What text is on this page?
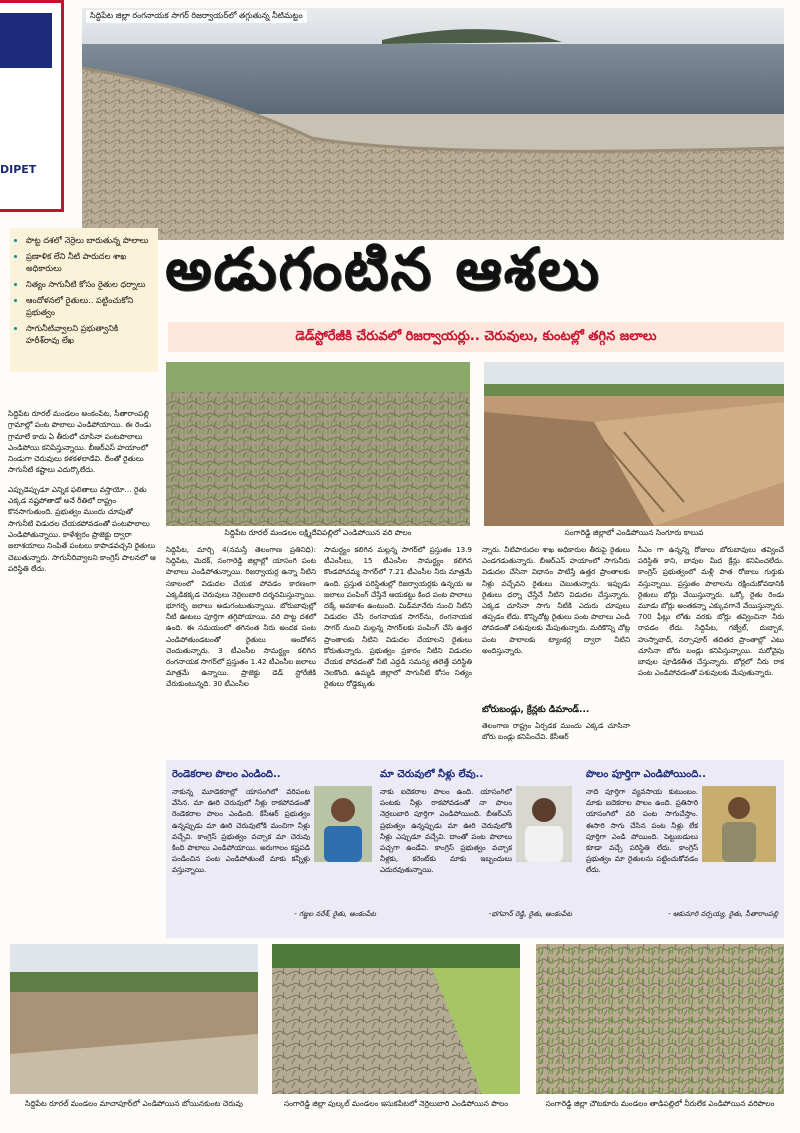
DIPET
సిద్దిపేట జిల్లా రంగనాయక సాగర్ రిజర్వాయర్‌లో తగ్గుతున్న నీటిమట్టం
• పొట్ట దశలో నెర్రెలు బారుతున్న పొలాలు
• ప్రణాళిక లేని నీటి పారుదల శాఖ అధికారులు
• నిత్యం సాగునీటి కోసం రైతుల ధర్నాలు
• ఆందోళనలో రైతులు.. పట్టించుకోని ప్రభుత్వం
• సాగునీటివ్వాలని ప్రభుత్వానికి హరీశ్‌రావు లేఖ
అడుగంటిన ఆశలు
డెడ్‌స్టోరేజీకి చేరువలో రిజర్వాయర్లు.. చెరువులు, కుంటల్లో తగ్గిన జలాలు

సిద్దిపేట రూరల్ మండలం అంకంపేట, సీతారాంపల్లి గ్రామాల్లో పంట పొలాలు ఎండిపోయాయి. ఈ రెండు గ్రామాలే కాదు ఏ తీరులో చూసినా పంటపొలాలు ఎండిపోయి కనిపిస్తున్నాయి. బీఆర్‌ఎస్ హయాంలో నిండుగా చెరువులు కళకళలాడేవి. దీంతో రైతులు సాగునీటి కష్టాలు ఎదుర్కొలేదు.

ఎప్పుడెప్పుడూ ఎన్నిక ఫలితాలు వస్తాయో... రైతు ఎక్కడ నష్టపోతాడో అనే రీతిలో రాష్ట్రం కొనసాగుతుంది. ప్రభుత్వం ముందు చూపుతో సాగునీటి విడుదల చేయకపోవడంతో పంటపొలాలు ఎండిపోతున్నాయి. కాళేశ్వరం ప్రాజెక్టు ద్వారా జలాశయాలు నింపితే పంటలు కాపాడవచ్చని రైతులు చెబుతున్నారు. సాగునీరివ్వాలని కాంగ్రెస్ పాలనలో ఆ పరిస్థితి లేదు.

సిద్దిపేట రూరల్ మండలం లక్ష్మిదేవిపల్లిలో ఎండిపోయిన వరి పొలం	సంగారెడ్డి జిల్లాలో ఎండిపోయిన సింగూరు కాలువ
సిద్దిపేట, మార్చి 4(నమస్తే తెలంగాణ ప్రతినిధి): సిద్దిపేట, మెదక్, సంగారెడ్డి జిల్లాల్లో యాసంగి పంట పొలాలు ఎండిపోతున్నాయి. రిజర్వాయర్ల ఉన్నా నీటిని సకాలంలో విడుదల చేయక పోవడం కారణంగా ఎక్కడికక్కడ చెరువులు నెర్రెలుబారి దర్శనమిస్తున్నాయి. భూగర్భ జలాలు అడుగంటుతున్నాయి. బోరుబావుల్లో నీటి ఊటలు పూర్తిగా తగ్గిపోయాయి. వరి పొట్ట దశలో ఉంది. ఈ సమయంలో తగినంత నీరు అందక పంట ఎండిపోతుండటంతో రైతులు ఆందోళన చెందుతున్నారు. 3 టీఎంసీల సామర్థ్యం కలిగిన రంగనాయక సాగర్‌లో ప్రస్తుతం 1.42 టీఎంసీల జలాలు మాత్రమే ఉన్నాయి. ప్రాజెక్టు డెడ్ స్టోరేజీకి చేరుకుంటున్నది. 30 టీఎంసీల
సామర్థ్యం కలిగిన మల్లన్న సాగర్‌లో ప్రస్తుతం 13.9 టీఎంసీలు, 15 టీఎంసీల సామర్థ్యం కలిగిన కొండపోచమ్మ సాగర్‌లో 7.21 టీఎంసీల నీరు మాత్రమే ఉంది. ప్రస్తుత పరిస్థితుల్లో రిజర్వాయర్లకు ఉన్నయ ఆ జలాలు పంపింగ్ చేస్తేనే ఆయకట్టు కింద పంట పొలాలు దక్కే అవకాశం ఉంటుంది. మిడ్‌మానేరు నుంచి నీటిని విడుదల చేసి రంగనాయక సాగర్‌ను, రంగనాయక సాగర్ నుంచి మల్లన్న సాగర్‌లకు పంపింగ్ చేసి ఉత్తర ప్రాంతాలకు నీటిని విడుదల చేయాలని రైతులు కోరుతున్నారు. ప్రభుత్వం ప్రకారం నీటిని విడుదల చేయక పోవడంతో నీటి ఎద్దడి సమస్య తలెత్తే పరిస్థితి నెలకొంది. ఉమ్మడి జిల్లాలో సాగునీటి కోసం నిత్యం రైతులు రోడ్డెక్కుతు
న్నారు. నీటిపారుదల శాఖ అధికారుల తీరుపై రైతులు ఎండగడుతున్నారు. బీఆర్‌ఎస్ హయాంలో సాగునీరు విడుదల చేసినా విధానం పాటిస్తే ఉత్తర ప్రాంతాలకు నీళ్లు వచ్చేవని రైతులు చెబుతున్నారు. ఇప్పుడు రైతులు ధర్నా చేస్తేనే నీటిని విడుదల చేస్తున్నారు. ఎక్కడ చూసినా సాగు నీటికి ఎదురు చూపులు తప్పడం లేదు. కొన్నిచోట్ల రైతులు పంట పొలాలు ఎండి పోవడంతో పశువులకు మేపుతున్నారు. మరికొన్ని చోట్ల పంట పొలాలకు ట్యాంకర్ల ద్వారా నీటిని అందిస్తున్నారు.
బోరుబండ్లు, క్రేన్లకు డిమాండ్...
తెలంగాణ రాష్ట్రం ఏర్పడక ముందు ఎక్కడ చూసినా బోరు బండ్లు కనిపించేవి. కేసీఆర్
సీఎం గా ఉన్నన్ని రోజులు బోరుబావులు తవ్వించే పరిస్థితి కాని, బావుల మీద క్రేన్లు కనిపించలేదు. కాంగ్రెస్ ప్రభుత్వంలో మళ్లీ పాత రోజులు గుర్తుకు వస్తున్నాయి. ప్రస్తుతం పొలాలను రక్షించుకోవడానికి రైతులు బోర్లు వేయిస్తున్నారు. ఒక్కో రైతు రెండు మూడు బోర్లు అంతకన్నా ఎక్కువగానే వేయిస్తున్నారు. 700 ఫీట్లు లోతు వరకు బోర్లు తవ్వించినా నీరు రావడం లేదు. సిద్దిపేట, గజ్వేల్, దుబ్బాక, హుస్నాబాద్, నర్సాపూర్ తదితర ప్రాంతాల్లో ఎటు చూసినా బోరు బండ్లు కనిపిస్తున్నాయి. మరోవైపు బావుల పూడికతీత చేస్తున్నారు. బోర్లలో నీరు రాక పంట ఎండిపోవడంతో పశువులకు మేపుతున్నారు.
రెండెకరాల పొలం ఎండింది..
నాకున్న మూడెకరాల్లో యాసంగిలో వరిపంట వేసిన. మా ఊరి చెరువులో నీళ్లు రాకపోవడంతో రెండెకరాల పొలం ఎండింది. కేసీఆర్ ప్రభుత్వం ఉన్నప్పుడు మా ఊరి చెరువులోకి మంచిగా నీళ్లు వచ్చేవి. కాంగ్రెస్ ప్రభుత్వం వచ్చాక మా చెరువు కింది పొలాలు ఎండిపోయాయి. అరుగాలం కష్టపడి పండించిన పంట ఎండిపోతుంటే మాకు కన్నీళ్లు వస్తున్నాయి.
- గజ్జల నరేశ్, రైతు, అంకంపేట
మా చెరువులో నీళ్లు లేవు..
నాకు ఐదెకరాల పొలం ఉంది. యాసంగిలో పంటకు నీళ్లు రాకపోవడంతో నా పొలం నెర్రలుబారి పూర్తిగా ఎండిపోయింది. బీఆర్‌ఎస్ ప్రభుత్వం ఉన్నప్పుడు మా ఊరి చెరువులోకి నీళ్లు ఎప్పుడూ వచ్చేవి. దాంతో పంట పొలాలు పచ్చగా ఉండేవి. కాంగ్రెస్ ప్రభుత్వం వచ్చాక నీళ్లకు, కరెంట్‌కు మాకు ఇబ్బందులు ఎదురవుతున్నాయి.
-భగవాన్ రెడ్డి, రైతు, అంకంపేట
పొలం పూర్తిగా ఎండిపోయింది..
నాది పూర్తిగా వ్యవసాయ కుటుంబం. మాకు ఐదెకరాల పొలం ఉంది. ప్రతిసారి యాసంగిలో వరి పంట సాగుచేస్తాం. ఈసారి సాగు చేసిన పంట నీళ్లు లేక పూర్తిగా ఎండి పోయింది. పెట్టుబడులు కూడా వచ్చే పరిస్థితి లేదు. కాంగ్రెస్ ప్రభుత్వం మా రైతులను పట్టించుకోవడం లేదు.
- ఆకునూరి నర్సయ్య, రైతు, సీతారాంపల్లి
సిద్దిపేట రూరల్ మండలం మాచాపూర్‌లో ఎండిపోయిన బోయినకుంట చెరువు	సంగారెడ్డి జిల్లా పుల్కల్ మండలం ఇసుకపేటలో నెర్రెలుబారి ఎండిపోయిన పొలం	సంగారెడ్డి జిల్లా చౌటకూరు మండలం తాడిపల్లిలో నీరులేక ఎండిపోయిన వరిపొలం
